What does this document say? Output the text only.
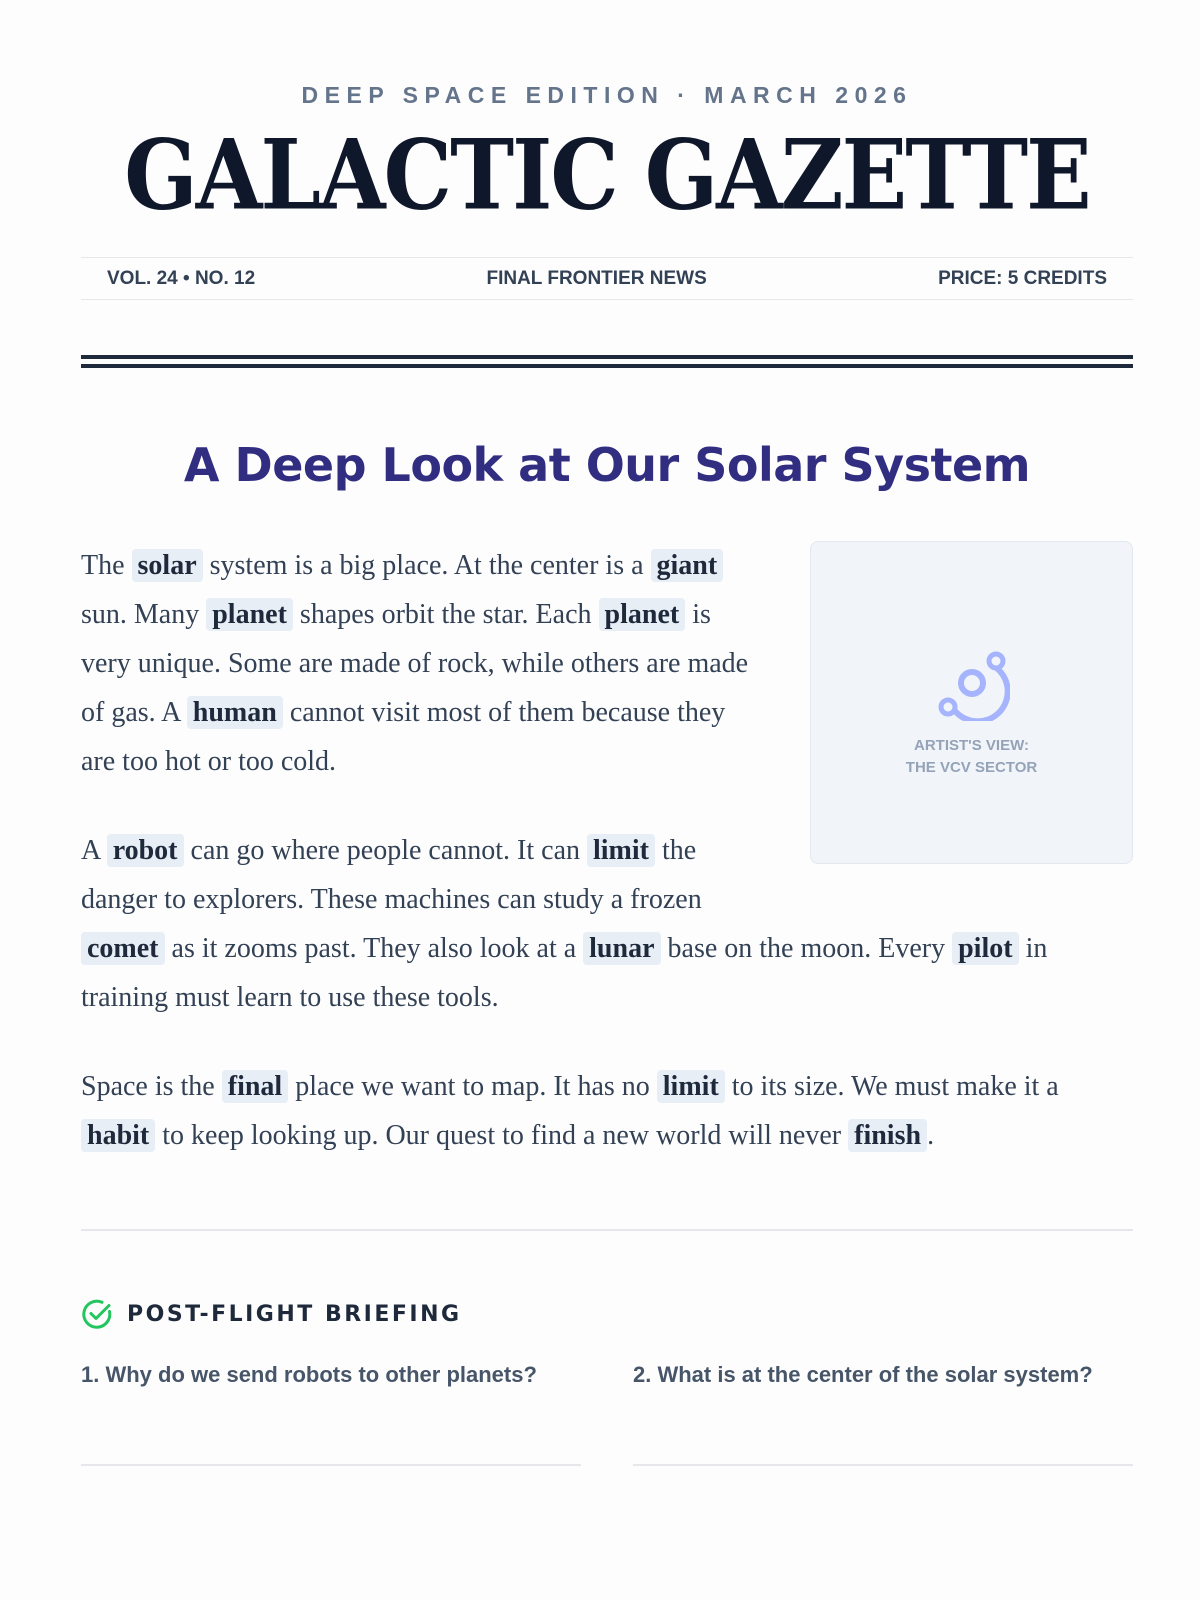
DEEP SPACE EDITION · MARCH 2026
GALACTIC GAZETTE
VOL. 24 • NO. 12	FINAL FRONTIER NEWS	PRICE: 5 CREDITS
A Deep Look at Our Solar System
ARTIST'S VIEW:
THE VCV SECTOR

The solar system is a big place. At the center is a giant sun. Many planet shapes orbit the star. Each planet is very unique. Some are made of rock, while others are made of gas. A human cannot visit most of them because they are too hot or too cold.

A robot can go where people cannot. It can limit the danger to explorers. These machines can study a frozen comet as it zooms past. They also look at a lunar base on the moon. Every pilot in training must learn to use these tools.

Space is the final place we want to map. It has no limit to its size. We must make it a habit to keep looking up. Our quest to find a new world will never finish .

POST-FLIGHT BRIEFING
1. Why do we send robots to other planets?	2. What is at the center of the solar system?
